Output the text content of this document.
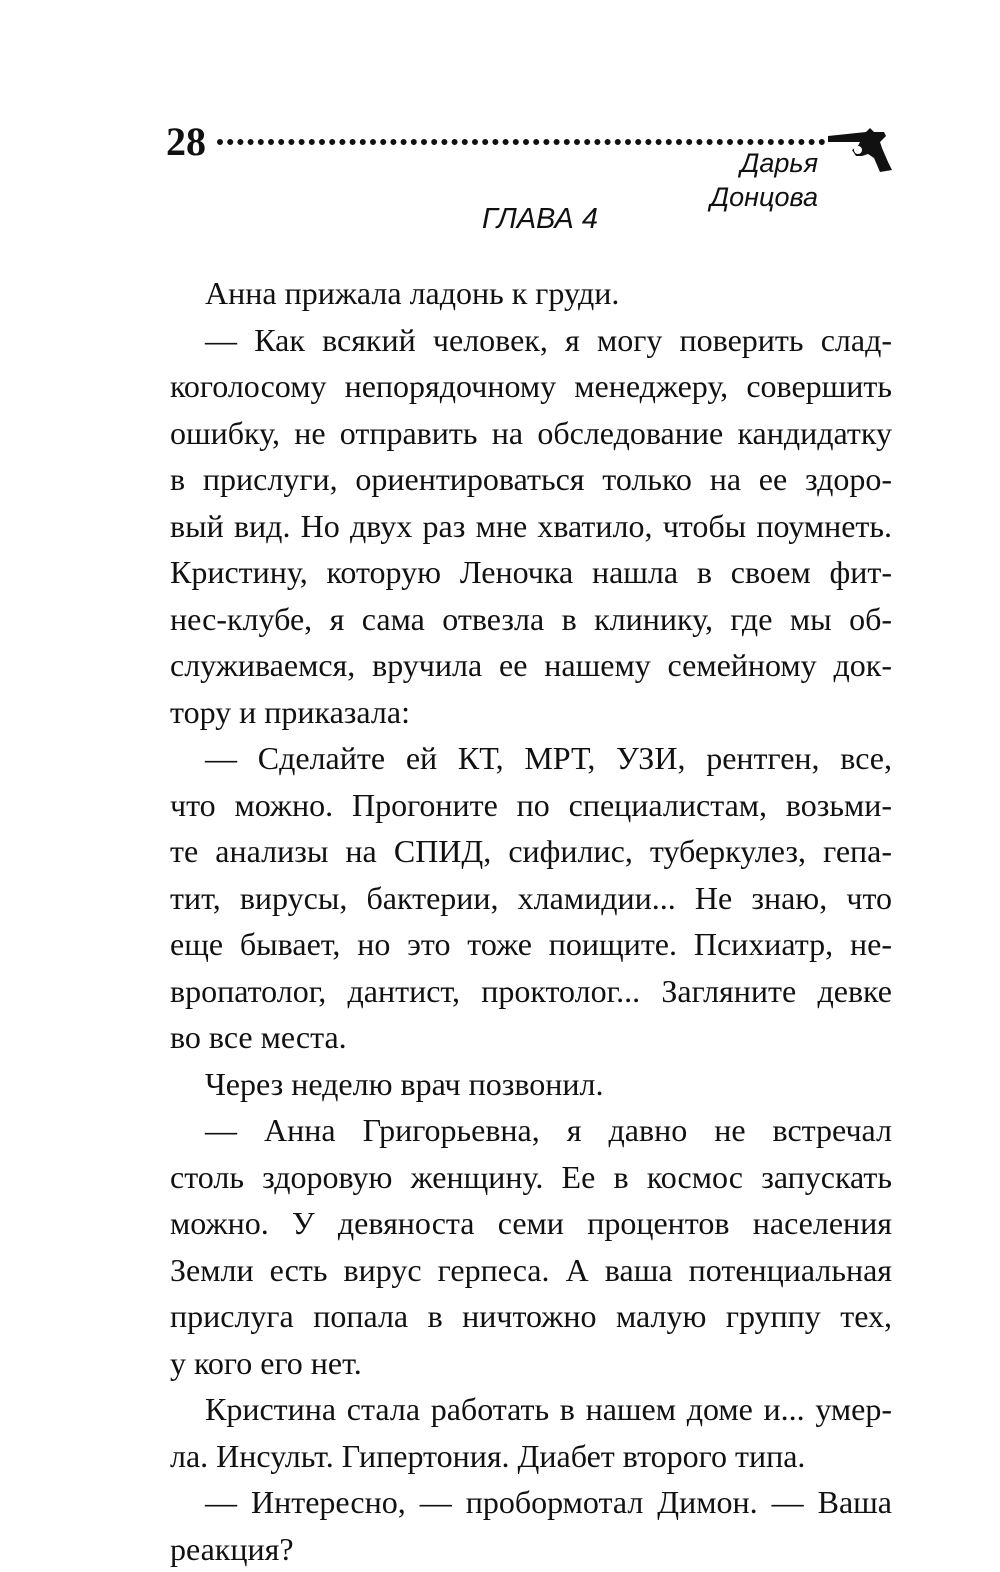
28	Дарья Донцова
ГЛАВА 4
Анна прижала ладонь к груди.
— Как всякий человек, я могу поверить слад-
коголосому непорядочному менеджеру, совершить
ошибку, не отправить на обследование кандидатку
в прислуги, ориентироваться только на ее здоро-
вый вид. Но двух раз мне хватило, чтобы поумнеть.
Кристину, которую Леночка нашла в своем фит-
нес-клубе, я сама отвезла в клинику, где мы об-
служиваемся, вручила ее нашему семейному док-
тору и приказала:
— Сделайте ей КТ, МРТ, УЗИ, рентген, все,
что можно. Прогоните по специалистам, возьми-
те анализы на СПИД, сифилис, туберкулез, гепа-
тит, вирусы, бактерии, хламидии... Не знаю, что
еще бывает, но это тоже поищите. Психиатр, не-
вропатолог, дантист, проктолог... Загляните девке
во все места.
Через неделю врач позвонил.
— Анна Григорьевна, я давно не встречал
столь здоровую женщину. Ее в космос запускать
можно. У девяноста семи процентов населения
Земли есть вирус герпеса. А ваша потенциальная
прислуга попала в ничтожно малую группу тех,
у кого его нет.
Кристина стала работать в нашем доме и... умер-
ла. Инсульт. Гипертония. Диабет второго типа.
— Интересно, — пробормотал Димон. — Ваша
реакция?
